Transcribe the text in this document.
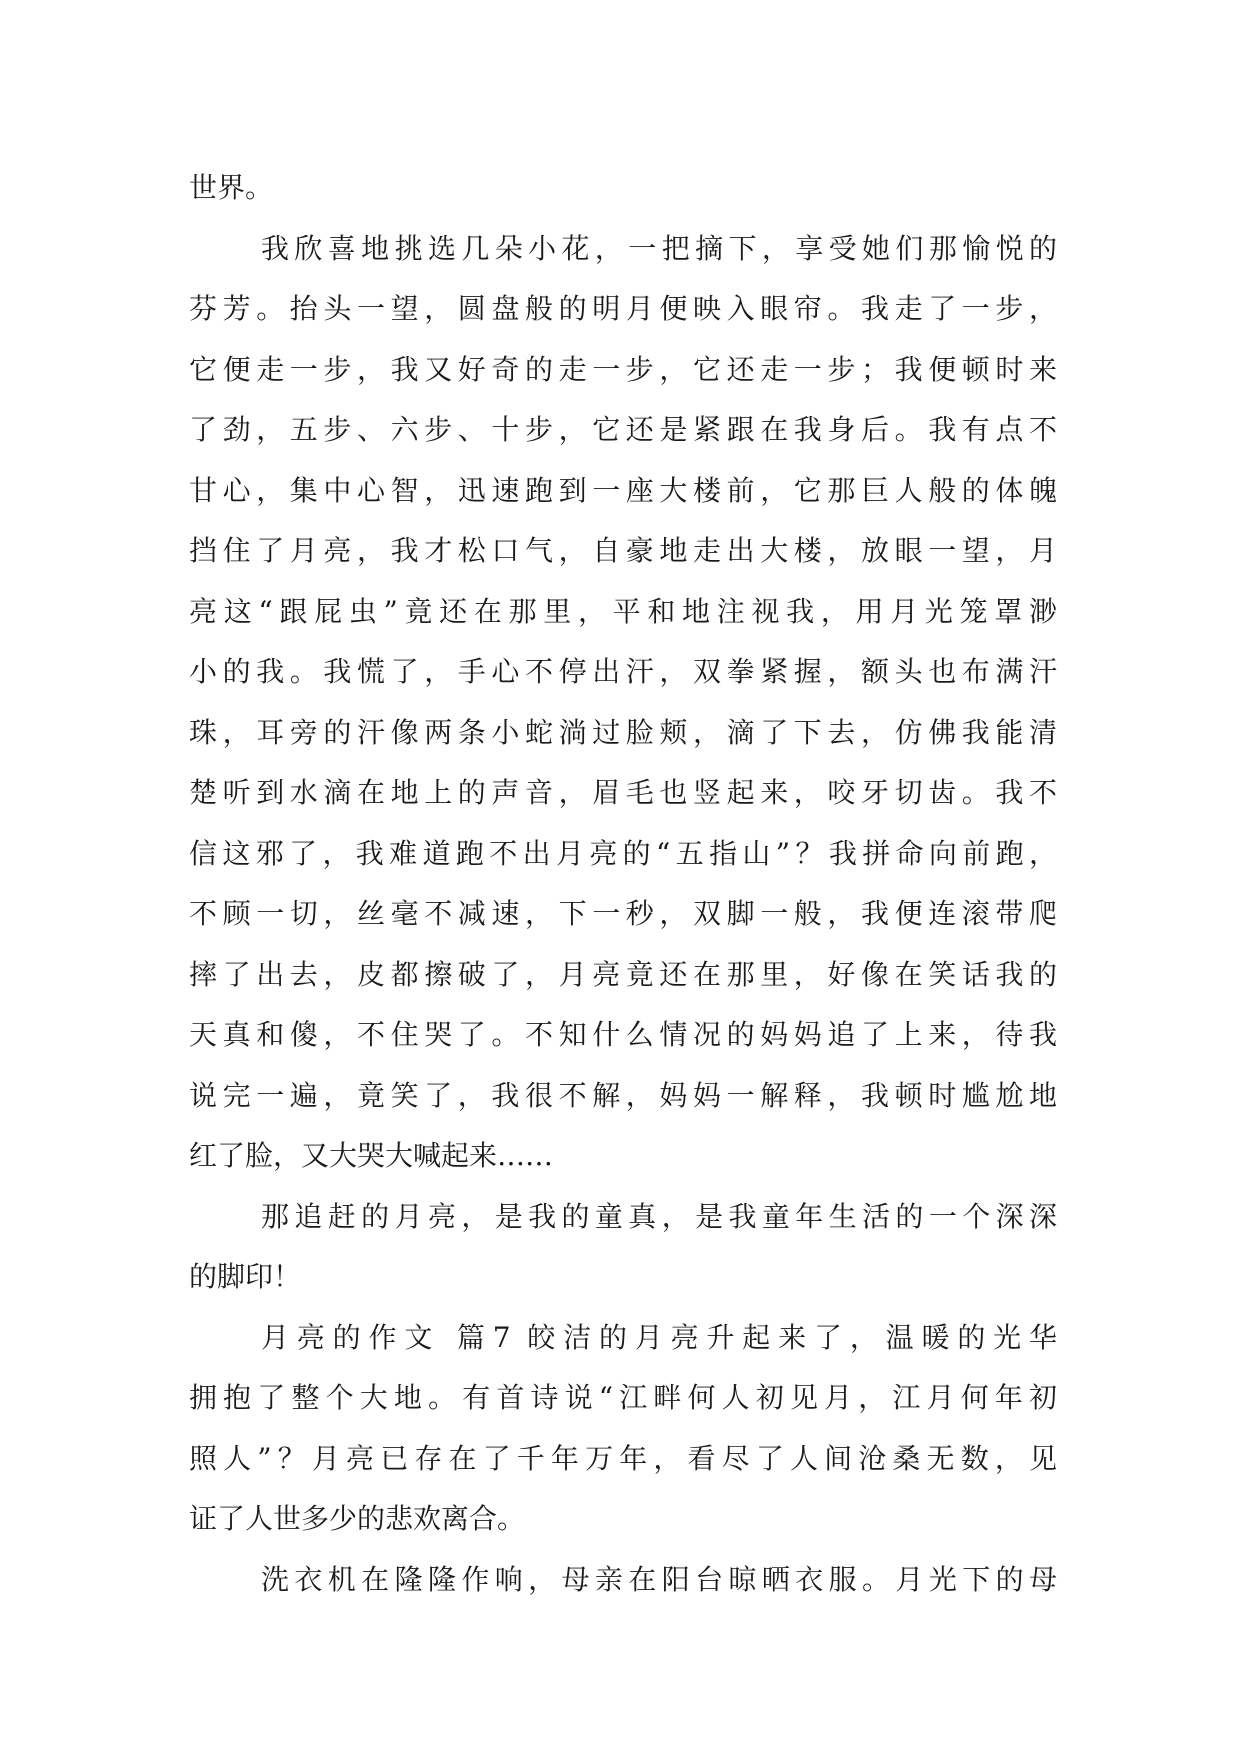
世界。
我欣喜地挑选几朵小花，一把摘下，享受她们那愉悦的
芬芳。抬头一望，圆盘般的明月便映入眼帘。我走了一步，
它便走一步，我又好奇的走一步，它还走一步；我便顿时来
了劲，五步、六步、十步，它还是紧跟在我身后。我有点不
甘心，集中心智，迅速跑到一座大楼前，它那巨人般的体魄
挡住了月亮，我才松口气，自豪地走出大楼，放眼一望，月
亮这“跟屁虫”竟还在那里，平和地注视我，用月光笼罩渺
小的我。我慌了，手心不停出汗，双拳紧握，额头也布满汗
珠，耳旁的汗像两条小蛇淌过脸颊，滴了下去，仿佛我能清
楚听到水滴在地上的声音，眉毛也竖起来，咬牙切齿。我不
信这邪了，我难道跑不出月亮的“五指山”？我拼命向前跑，
不顾一切，丝毫不减速，下一秒，双脚一般，我便连滚带爬
摔了出去，皮都擦破了，月亮竟还在那里，好像在笑话我的
天真和傻，不住哭了。不知什么情况的妈妈追了上来，待我
说完一遍，竟笑了，我很不解，妈妈一解释，我顿时尴尬地
红了脸，又大哭大喊起来……
那追赶的月亮，是我的童真，是我童年生活的一个深深
的脚印！
月亮的作文 篇7 皎洁的月亮升起来了，温暖的光华
拥抱了整个大地。有首诗说“江畔何人初见月，江月何年初
照人”？月亮已存在了千年万年，看尽了人间沧桑无数，见
证了人世多少的悲欢离合。
洗衣机在隆隆作响，母亲在阳台晾晒衣服。月光下的母
